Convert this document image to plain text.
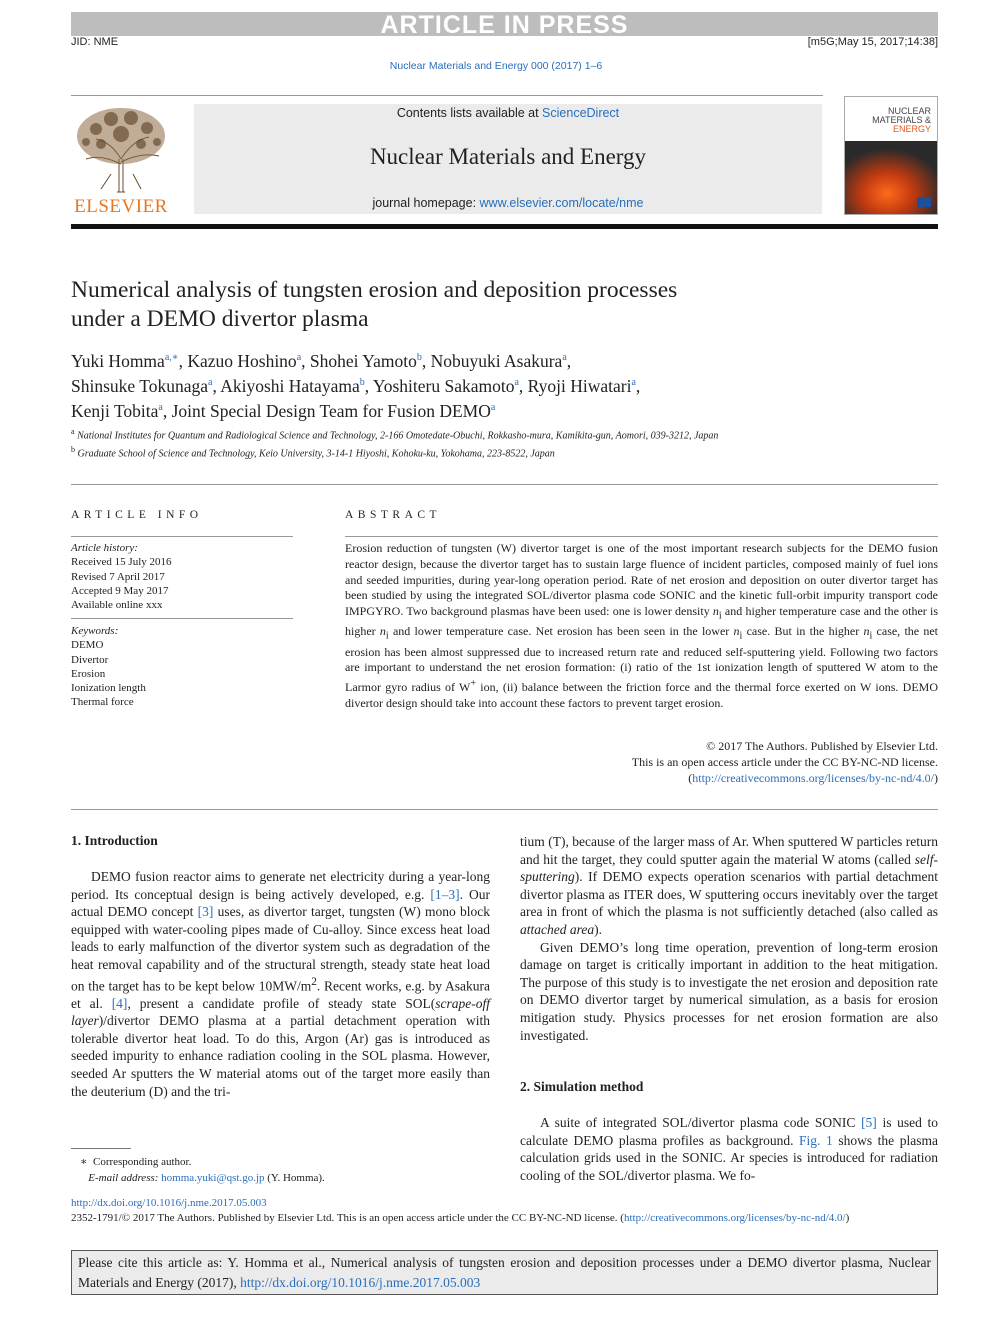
ARTICLE IN PRESS
JID: NME	[m5G;May 15, 2017;14:38]
Nuclear Materials and Energy 000 (2017) 1–6
ELSEVIER
Contents lists available at ScienceDirect
Nuclear Materials and Energy
journal homepage: www.elsevier.com/locate/nme
NUCLEAR
MATERIALS &
ENERGY
Numerical analysis of tungsten erosion and deposition processes
under a DEMO divertor plasma
Yuki Homma$^{a,∗}$, Kazuo Hoshino$^a$, Shohei Yamoto$^b$, Nobuyuki Asakura$^a$,
Shinsuke Tokunaga$^a$, Akiyoshi Hatayama$^b$, Yoshiteru Sakamoto$^a$, Ryoji Hiwatari$^a$,
Kenji Tobita$^a$, Joint Special Design Team for Fusion DEMO$^a$
$^a$ National Institutes for Quantum and Radiological Science and Technology, 2-166 Omotedate-Obuchi, Rokkasho-mura, Kamikita-gun, Aomori, 039-3212, Japan
$^b$ Graduate School of Science and Technology, Keio University, 3-14-1 Hiyoshi, Kohoku-ku, Yokohama, 223-8522, Japan
ARTICLE INFO
Article history:
Received 15 July 2016
Revised 7 April 2017
Accepted 9 May 2017
Available online xxx
Keywords:
DEMO
Divertor
Erosion
Ionization length
Thermal force
ABSTRACT
Erosion reduction of tungsten (W) divertor target is one of the most important research subjects for the DEMO fusion reactor design, because the divertor target has to sustain large fluence of incident particles, composed mainly of fuel ions and seeded impurities, during year-long operation period. Rate of net erosion and deposition on outer divertor target has been studied by using the integrated SOL/divertor plasma code SONIC and the kinetic full-orbit impurity transport code IMPGYRO. Two background plasmas have been used: one is lower density $n_i$ and higher temperature case and the other is higher $n_i$ and lower temperature case. Net erosion has been seen in the lower $n_i$ case. But in the higher $n_i$ case, the net erosion has been almost suppressed due to increased return rate and reduced self-sputtering yield. Following two factors are important to understand the net erosion formation: (i) ratio of the 1st ionization length of sputtered W atom to the Larmor gyro radius of W+ ion, (ii) balance between the friction force and the thermal force exerted on W ions. DEMO divertor design should take into account these factors to prevent target erosion.
© 2017 The Authors. Published by Elsevier Ltd.
This is an open access article under the CC BY-NC-ND license.
(http://creativecommons.org/licenses/by-nc-nd/4.0/)
1. Introduction

DEMO fusion reactor aims to generate net electricity during a year-long period. Its conceptual design is being actively developed, e.g. [1–3]. Our actual DEMO concept [3] uses, as divertor target, tungsten (W) mono block equipped with water-cooling pipes made of Cu-alloy. Since excess heat load leads to early malfunction of the divertor system such as degradation of the heat removal capability and of the structural strength, steady state heat load on the target has to be kept below $10MW/m^2$. Recent works, e.g. by Asakura et al. [4], present a candidate profile of steady state SOL(scrape-off layer)/divertor DEMO plasma at a partial detachment operation with tolerable divertor heat load. To do this, Argon (Ar) gas is introduced as seeded impurity to enhance radiation cooling in the SOL plasma. However, seeded Ar sputters the W material atoms out of the target more easily than the deuterium (D) and the tri-

tium (T), because of the larger mass of Ar. When sputtered W particles return and hit the target, they could sputter again the material W atoms (called self-sputtering). If DEMO expects operation scenarios with partial detachment divertor plasma as ITER does, W sputtering occurs inevitably over the target area in front of which the plasma is not sufficiently detached (also called as attached area).

Given DEMO’s long time operation, prevention of long-term erosion damage on target is critically important in addition to the heat mitigation. The purpose of this study is to investigate the net erosion and deposition rate on DEMO divertor target by numerical simulation, as a basis for erosion mitigation study. Physics processes for net erosion formation are also investigated.

2. Simulation method

A suite of integrated SOL/divertor plasma code SONIC [5] is used to calculate DEMO plasma profiles as background. Fig. 1 shows the plasma calculation grids used in the SONIC. Ar species is introduced for radiation cooling of the SOL/divertor plasma. We fo-

∗ Corresponding author.
E-mail address: homma.yuki@qst.go.jp (Y. Homma).
http://dx.doi.org/10.1016/j.nme.2017.05.003
2352-1791/© 2017 The Authors. Published by Elsevier Ltd. This is an open access article under the CC BY-NC-ND license. (http://creativecommons.org/licenses/by-nc-nd/4.0/)
Please cite this article as: Y. Homma et al., Numerical analysis of tungsten erosion and deposition processes under a DEMO divertor plasma, Nuclear Materials and Energy (2017), http://dx.doi.org/10.1016/j.nme.2017.05.003
